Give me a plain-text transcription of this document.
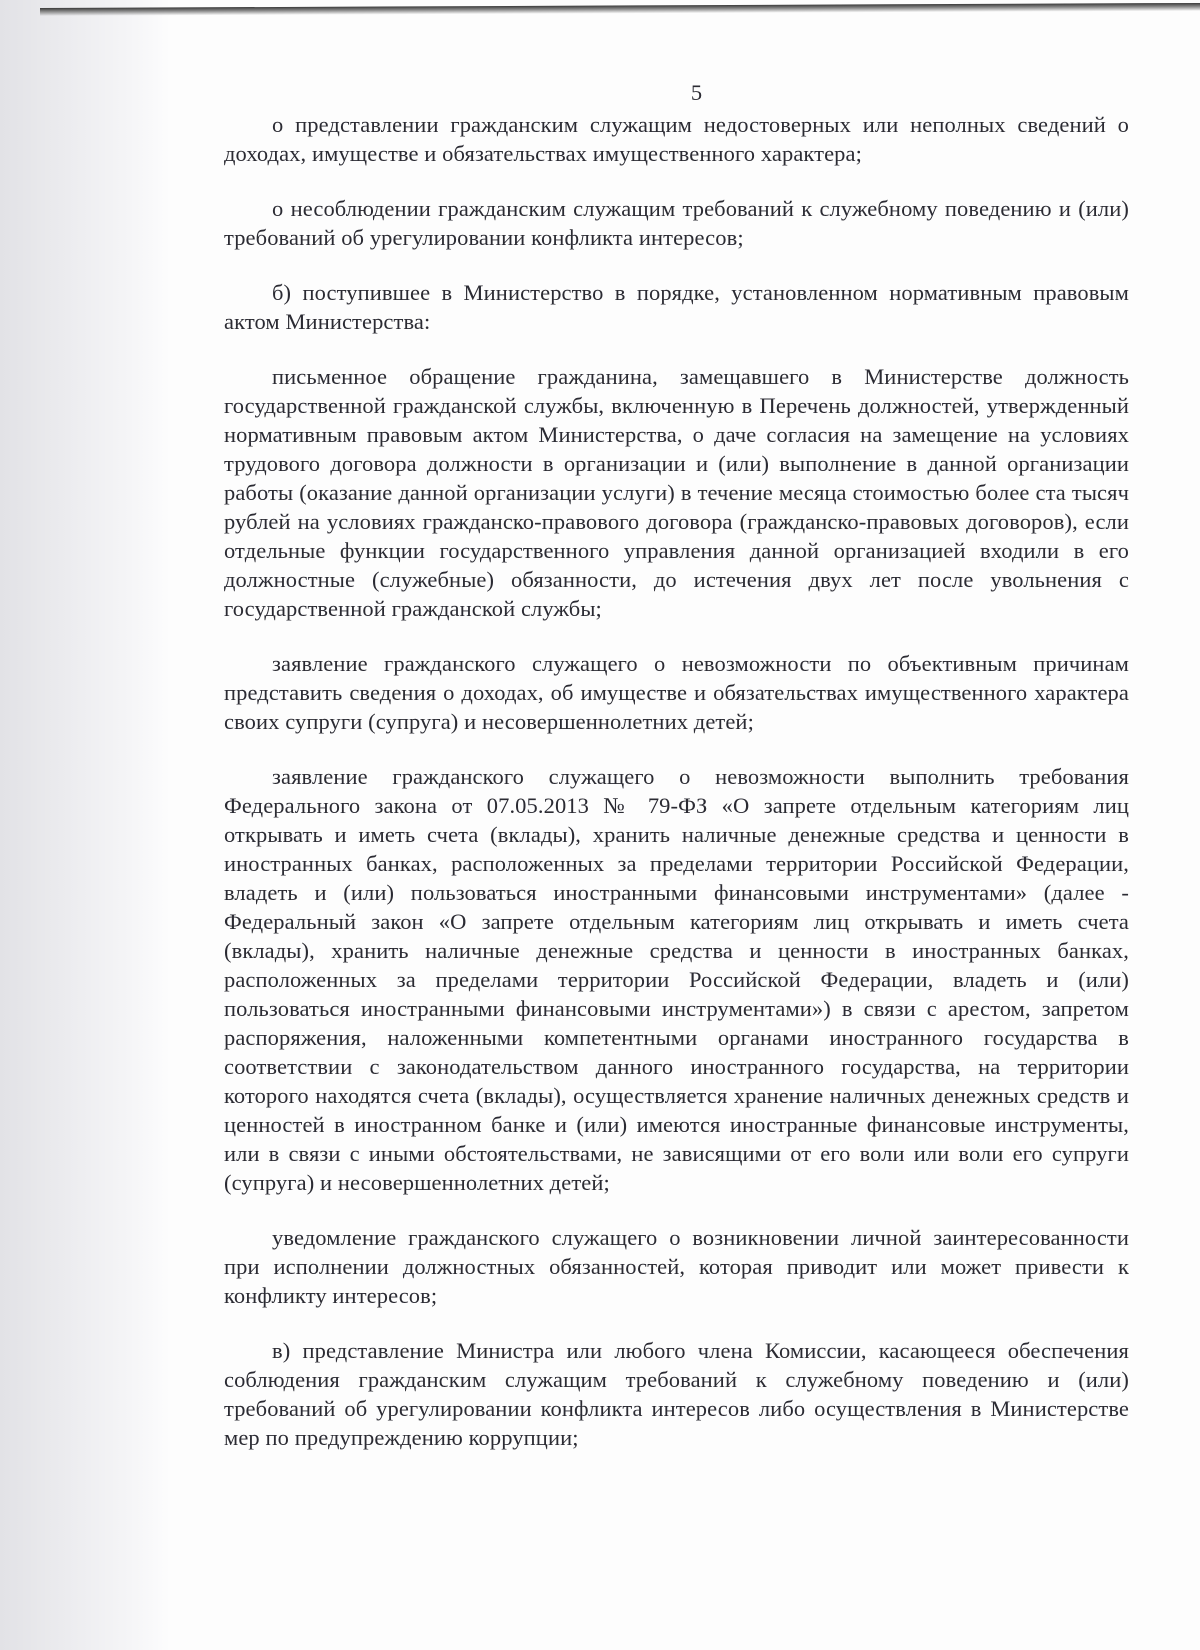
5

о представлении гражданским служащим недостоверных или неполных сведений о доходах, имуществе и обязательствах имущественного характера;

о несоблюдении гражданским служащим требований к служебному поведению и (или) требований об урегулировании конфликта интересов;

б) поступившее в Министерство в порядке, установленном нормативным правовым актом Министерства:

письменное обращение гражданина, замещавшего в Министерстве должность государственной гражданской службы, включенную в Перечень должностей, утвержденный нормативным правовым актом Министерства, о даче согласия на замещение на условиях трудового договора должности в организации и (или) выполнение в данной организации работы (оказание данной организации услуги) в течение месяца стоимостью более ста тысяч рублей на условиях гражданско-правового договора (гражданско-правовых договоров), если отдельные функции государственного управления данной организацией входили в его должностные (служебные) обязанности, до истечения двух лет после увольнения с государственной гражданской службы;

заявление гражданского служащего о невозможности по объективным причинам представить сведения о доходах, об имуществе и обязательствах имущественного характера своих супруги (супруга) и несовершеннолетних детей;

заявление гражданского служащего о невозможности выполнить требования Федерального закона от 07.05.2013 № 79-ФЗ «О запрете отдельным категориям лиц открывать и иметь счета (вклады), хранить наличные денежные средства и ценности в иностранных банках, расположенных за пределами территории Российской Федерации, владеть и (или) пользоваться иностранными финансовыми инструментами» (далее - Федеральный закон «О запрете отдельным категориям лиц открывать и иметь счета (вклады), хранить наличные денежные средства и ценности в иностранных банках, расположенных за пределами территории Российской Федерации, владеть и (или) пользоваться иностранными финансовыми инструментами») в связи с арестом, запретом распоряжения, наложенными компетентными органами иностранного государства в соответствии с законодательством данного иностранного государства, на территории которого находятся счета (вклады), осуществляется хранение наличных денежных средств и ценностей в иностранном банке и (или) имеются иностранные финансовые инструменты, или в связи с иными обстоятельствами, не зависящими от его воли или воли его супруги (супруга) и несовершеннолетних детей;

уведомление гражданского служащего о возникновении личной заинтересованности при исполнении должностных обязанностей, которая приводит или может привести к конфликту интересов;

в) представление Министра или любого члена Комиссии, касающееся обеспечения соблюдения гражданским служащим требований к служебному поведению и (или) требований об урегулировании конфликта интересов либо осуществления в Министерстве мер по предупреждению коррупции;
